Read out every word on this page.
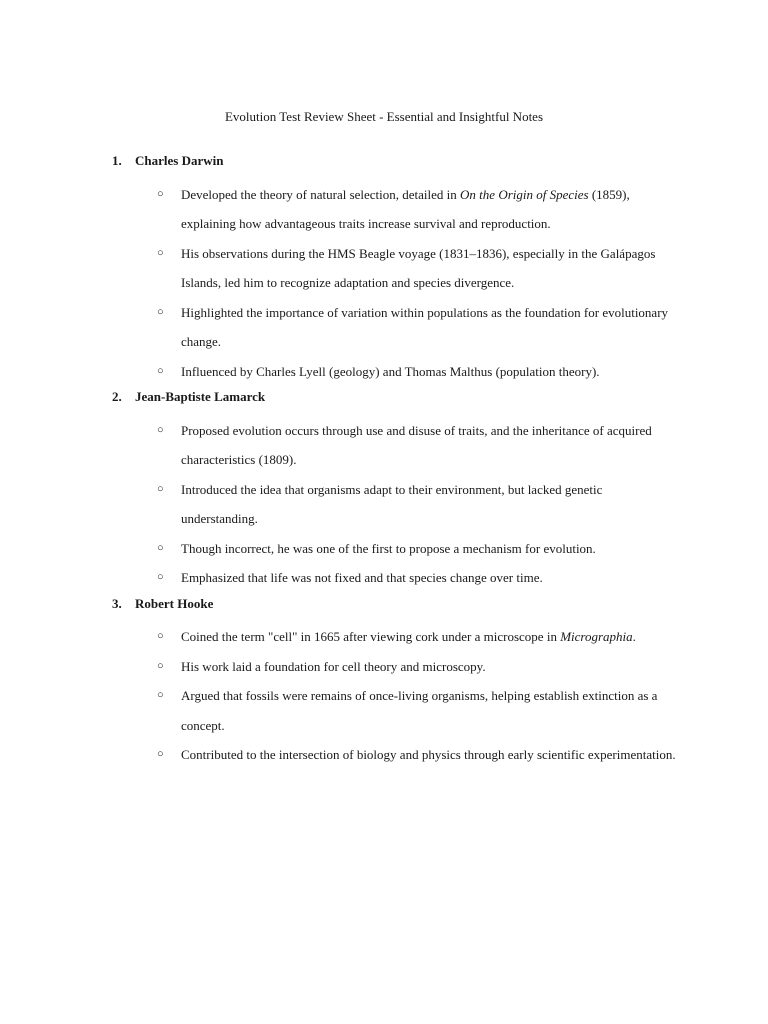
Evolution Test Review Sheet - Essential and Insightful Notes
1. Charles Darwin
○ Developed the theory of natural selection, detailed in On the Origin of Species (1859), explaining how advantageous traits increase survival and reproduction.
○ His observations during the HMS Beagle voyage (1831–1836), especially in the Galápagos Islands, led him to recognize adaptation and species divergence.
○ Highlighted the importance of variation within populations as the foundation for evolutionary change.
○ Influenced by Charles Lyell (geology) and Thomas Malthus (population theory).
2. Jean-Baptiste Lamarck
○ Proposed evolution occurs through use and disuse of traits, and the inheritance of acquired characteristics (1809).
○ Introduced the idea that organisms adapt to their environment, but lacked genetic understanding.
○ Though incorrect, he was one of the first to propose a mechanism for evolution.
○ Emphasized that life was not fixed and that species change over time.
3. Robert Hooke
○ Coined the term "cell" in 1665 after viewing cork under a microscope in Micrographia.
○ His work laid a foundation for cell theory and microscopy.
○ Argued that fossils were remains of once-living organisms, helping establish extinction as a concept.
○ Contributed to the intersection of biology and physics through early scientific experimentation.
